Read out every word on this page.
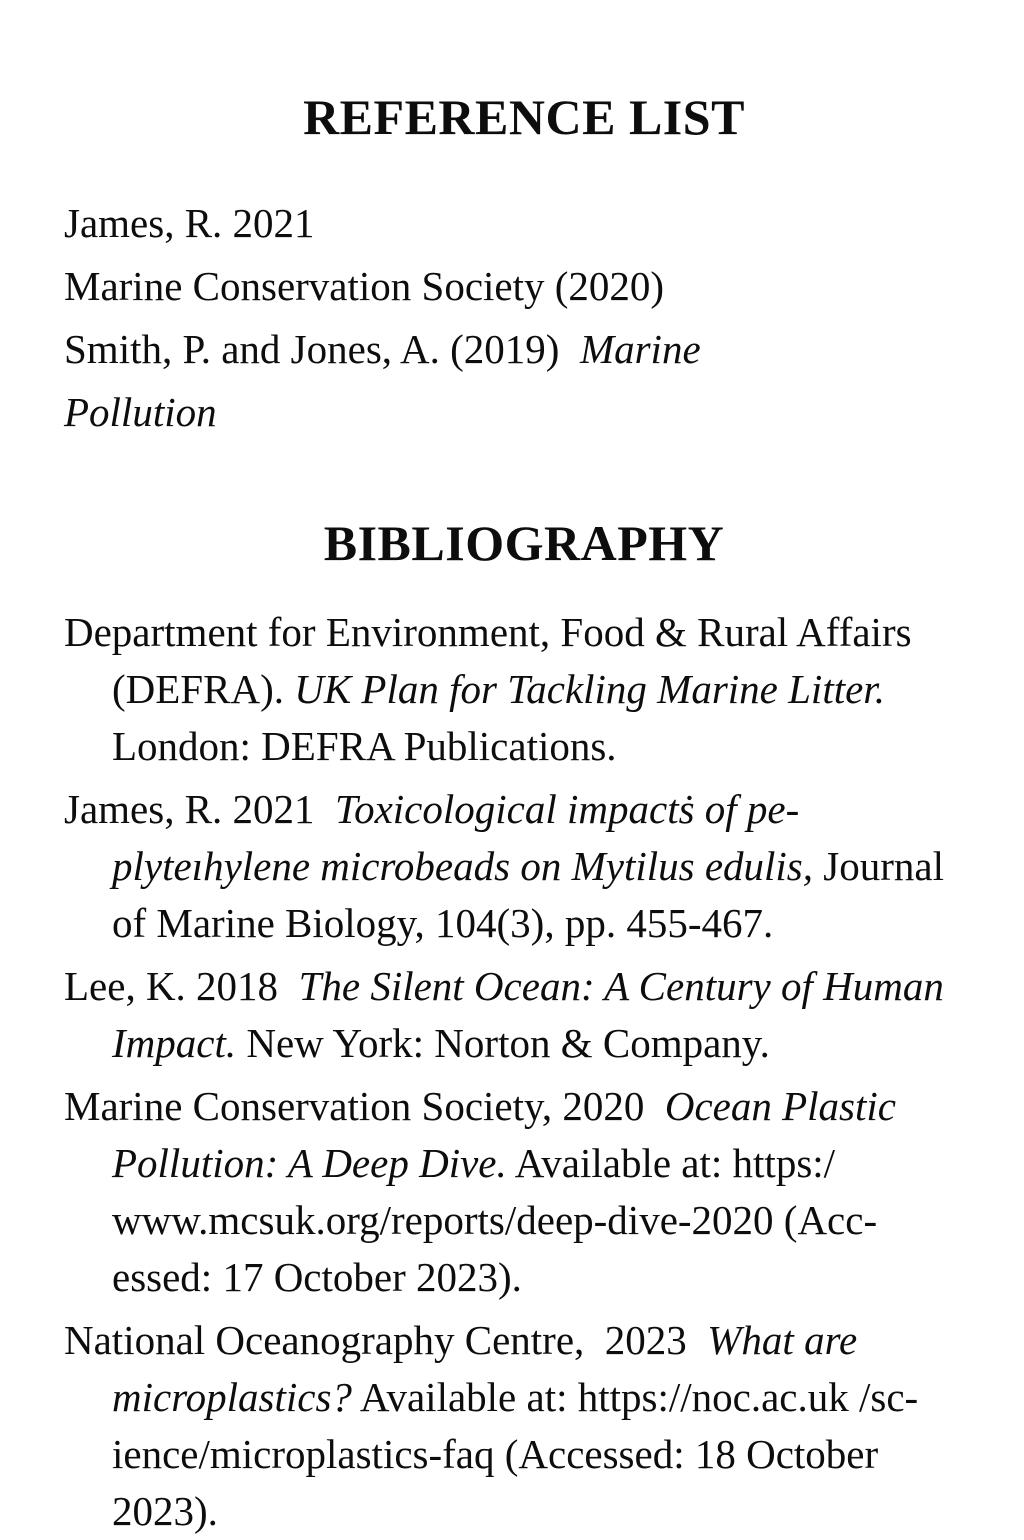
REFERENCE LIST
James, R. 2021
Marine Conservation Society (2020)
Smith, P. and Jones, A. (2019)  Marine
Pollution
BIBLIOGRAPHY
Department for Environment, Food & Rural Affairs
(DEFRA). UK Plan for Tackling Marine Litter.
London: DEFRA Publications.
James, R. 2021  Toxicological impactṡ of pe-
plyteıhylene microbeads on Mytilus edulis, Journal
of Marine Biology, 104(3), pp. 455-467.
Lee, K. 2018  The Silent Ocean: A Century of Human
Impact. New York: Norton & Company.
Marine Conservation Society, 2020  Ocean Plastic
Pollution: A Deep Dive. Available at: https:/
www.mcsuk.org/reports/deep-dive-2020 (Acc-
essed: 17 October 2023).
National Oceanography Centre,  2023  What are
microplastics? Available at: https://noc.ac.uk /sc-
ience/microplastics-faq (Accessed: 18 October
2023).
